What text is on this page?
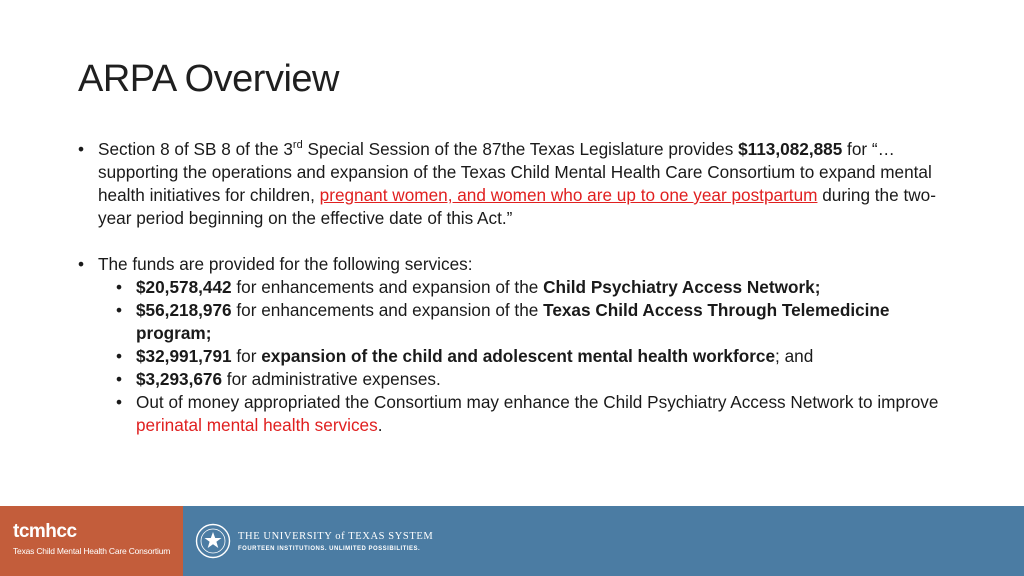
ARPA Overview

• Section 8 of SB 8 of the 3rd Special Session of the 87the Texas Legislature provides $113,082,885 for “…supporting the operations and expansion of the Texas Child Mental Health Care Consortium to expand mental health initiatives for children, pregnant women, and women who are up to one year postpartum during the two-year period beginning on the effective date of this Act.”

• The funds are provided for the following services:

• $20,578,442 for enhancements and expansion of the Child Psychiatry Access Network;
• $56,218,976 for enhancements and expansion of the Texas Child Access Through Telemedicine program;
• $32,991,791 for expansion of the child and adolescent mental health workforce; and
• $3,293,676 for administrative expenses.
• Out of money appropriated the Consortium may enhance the Child Psychiatry Access Network to improve perinatal mental health services.
tcmhcc
Texas Child Mental Health Care Consortium
THE UNIVERSITY of TEXAS SYSTEM
FOURTEEN INSTITUTIONS. UNLIMITED POSSIBILITIES.
